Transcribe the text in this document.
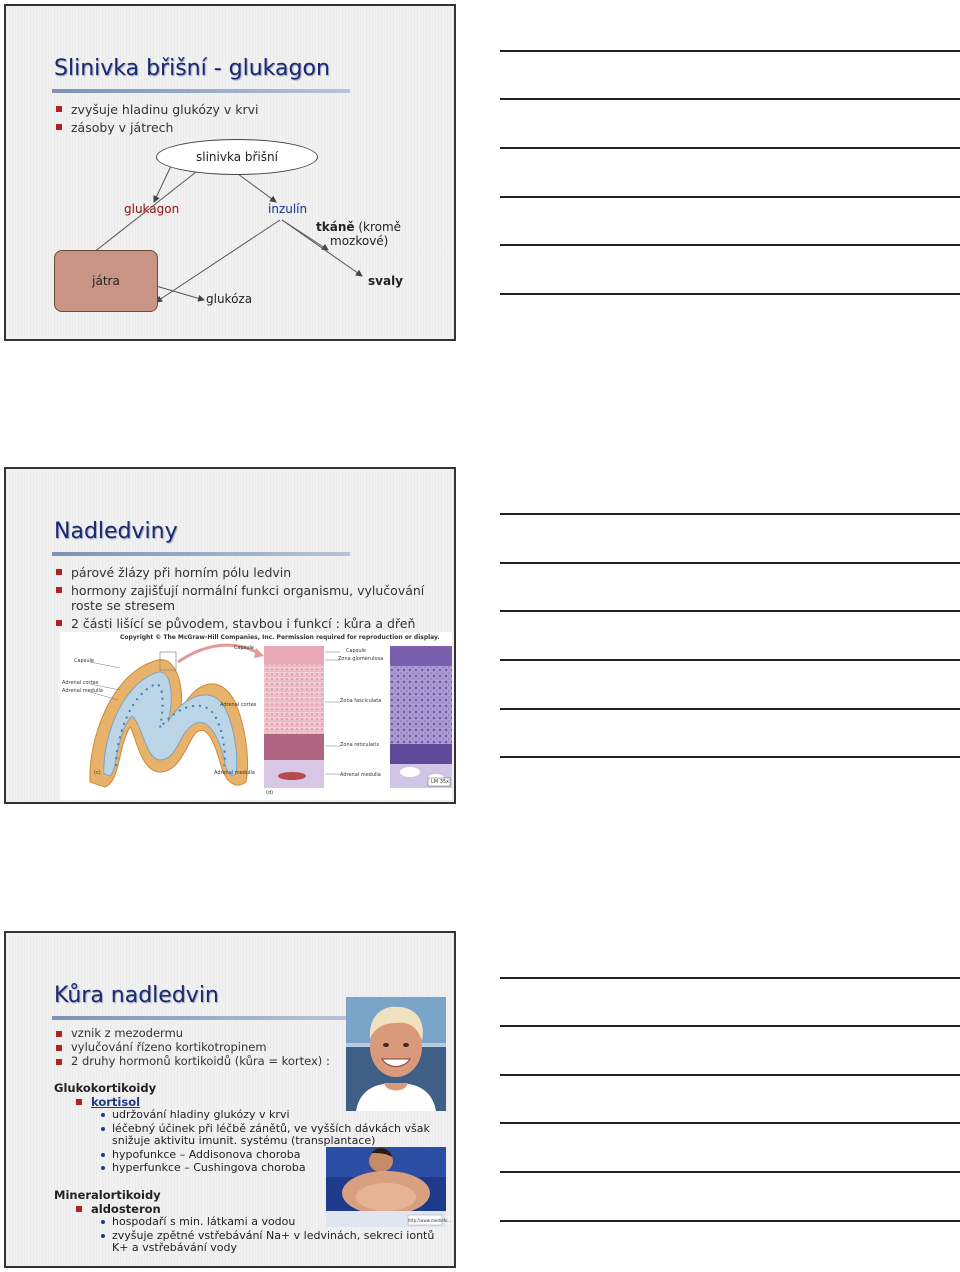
Slinivka břišní - glukagon
zvyšuje hladinu glukózy v krvi
zásoby v játrech
slinivka břišní
glukagon	inzulín
tkáně (kromě
mozkové)
játra
glukóza
svaly
Nadledviny
párové žlázy při horním pólu ledvin
hormony zajišťují normální funkci organismu, vylučování roste se stresem
2 části lišící se původem, stavbou i funkcí : kůra a dřeň
Copyright © The McGraw-Hill Companies, Inc. Permission required for reproduction or display.
Capsule
Adrenal cortex
Adrenal medulla
Capsule
Adrenal cortex
Capsule
Zona glomerulosa
Zona fasciculata
Zona reticularis
Adrenal medulla	Adrenal medulla
(c)
(d)
LM 35x
Kůra nadledvin
vznik z mezodermu
vylučování řízeno kortikotropinem
2 druhy hormonů kortikoidů (kůra = kortex) :
Glukokortikoidy
kortisol
udržování hladiny glukózy v krvi
léčebný účinek při léčbě zánětů, ve vyšších dávkách však snižuje aktivitu imunit. systému (transplantace)
hypofunkce – Addisonova choroba
hyperfunkce – Cushingova choroba
Mineralortikoidy
aldosteron
hospodaří s min. látkami a vodou
zvyšuje zpětné vstřebávání Na+ v ledvinách, sekreci iontů K+ a vstřebávání vody
http://www.medinfo...
